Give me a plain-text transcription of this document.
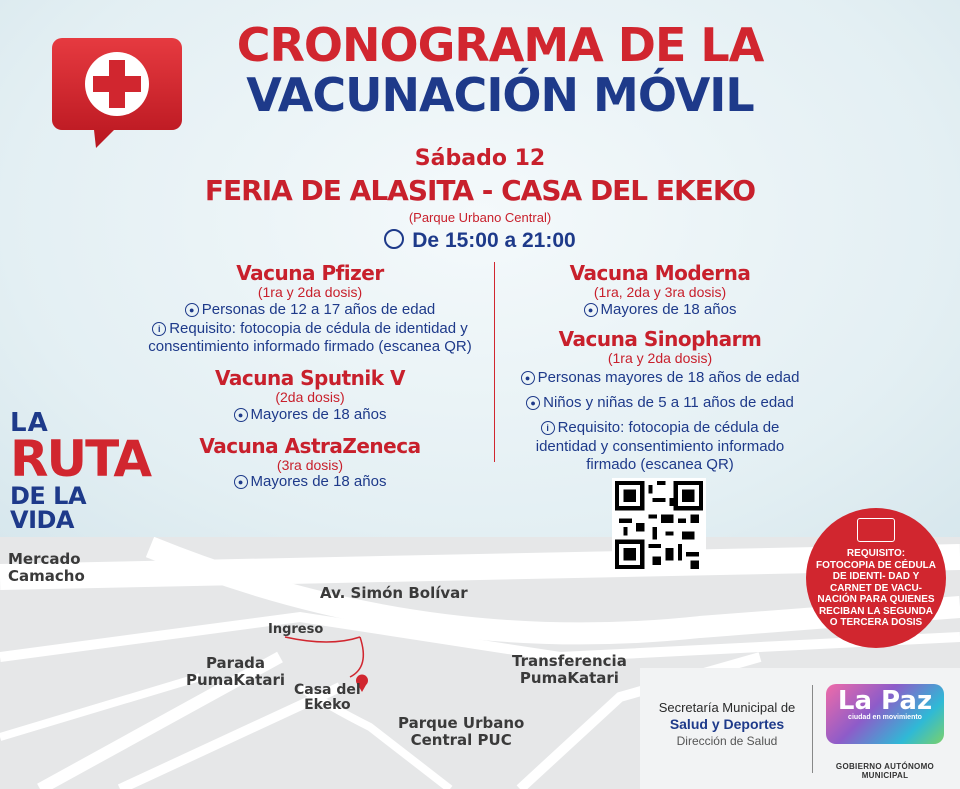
CRONOGRAMA DE LA
VACUNACIÓN MÓVIL
Sábado 12
FERIA DE ALASITA - CASA DEL EKEKO
(Parque Urbano Central)
De 15:00 a 21:00
Vacuna Pfizer
(1ra y 2da dosis)
● Personas de 12 a 17 años de edad
i Requisito: fotocopia de cédula de identidad y
consentimiento informado firmado (escanea QR)
Vacuna Sputnik V
(2da dosis)
● Mayores de 18 años
Vacuna AstraZeneca
(3ra dosis)
● Mayores de 18 años
Vacuna Moderna
(1ra, 2da y 3ra dosis)
● Mayores de 18 años
Vacuna Sinopharm
(1ra y 2da dosis)
● Personas mayores de 18 años de edad
● Niños y niñas de 5 a 11 años de edad
i Requisito: fotocopia de cédula de
identidad y consentimiento informado
firmado (escanea QR)
LA
RUTA
DE LA VIDA
Mercado
Camacho
Av. Simón Bolívar
Ingreso
Parada
PumaKatari
Casa del
Ekeko
Transferencia
PumaKatari
Parque Urbano
Central PUC
REQUISITO: FOTOCOPIA DE CÉDULA DE IDENTI- DAD Y CARNET DE VACU- NACIÓN PARA QUIENES RECIBAN LA SEGUNDA O TERCERA DOSIS
Secretaría Municipal de
Salud y Deportes
Dirección de Salud
La Paz
ciudad en movimiento
GOBIERNO AUTÓNOMO MUNICIPAL
